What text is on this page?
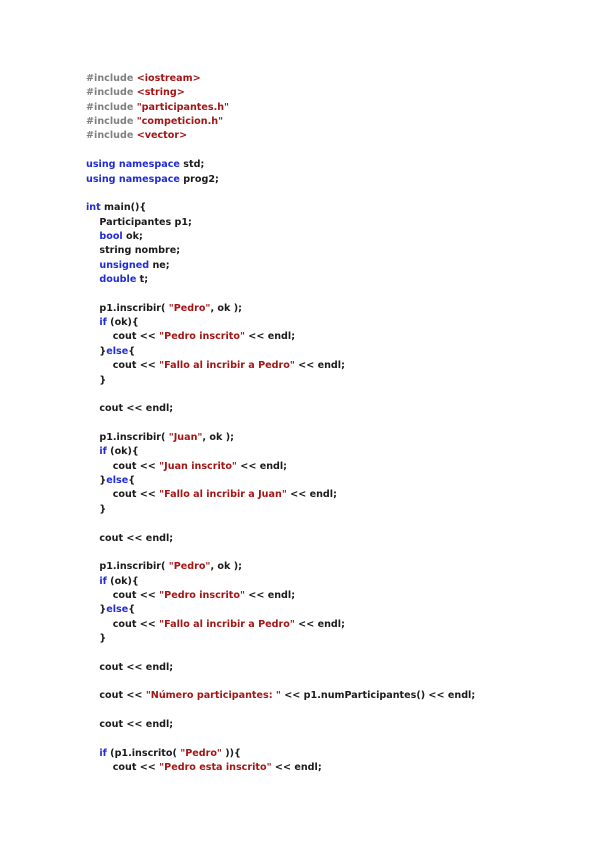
#include <iostream>
#include <string>
#include "participantes.h"
#include "competicion.h"
#include <vector>

using namespace std;
using namespace prog2;

int main(){
Participantes p1;
bool ok;
string nombre;
unsigned ne;
double t;

p1.inscribir( "Pedro", ok );
if (ok){
cout << "Pedro inscrito" << endl;
}else{
cout << "Fallo al incribir a Pedro" << endl;
}

cout << endl;

p1.inscribir( "Juan", ok );
if (ok){
cout << "Juan inscrito" << endl;
}else{
cout << "Fallo al incribir a Juan" << endl;
}

cout << endl;

p1.inscribir( "Pedro", ok );
if (ok){
cout << "Pedro inscrito" << endl;
}else{
cout << "Fallo al incribir a Pedro" << endl;
}

cout << endl;

cout << "Número participantes: " << p1.numParticipantes() << endl;

cout << endl;

if (p1.inscrito( "Pedro" )){
cout << "Pedro esta inscrito" << endl;
